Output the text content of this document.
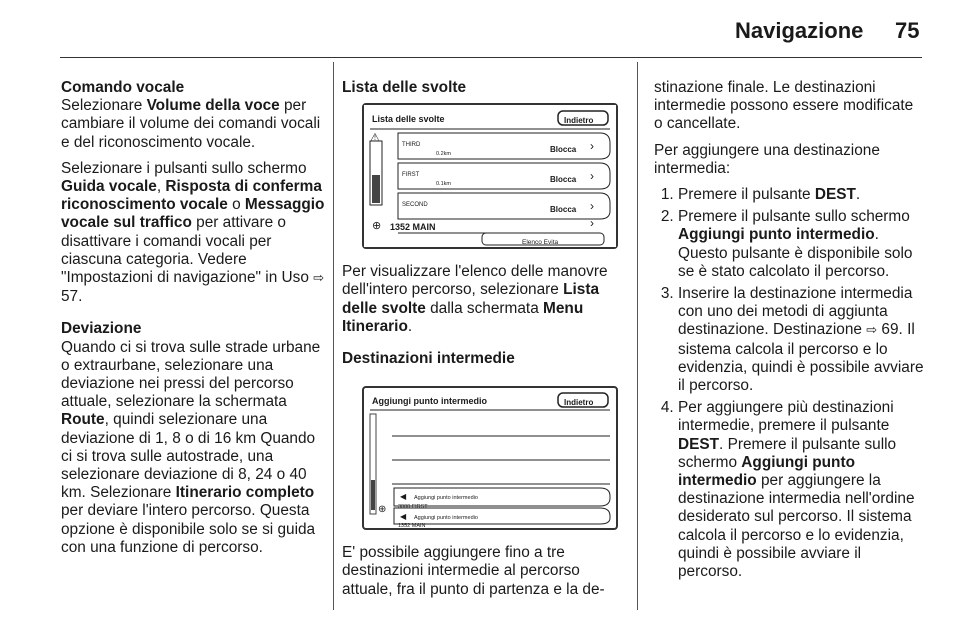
Navigazione 75
Comando vocale

Selezionare Volume della voce per cambiare il volume dei comandi vocali e del riconoscimento vocale.

Selezionare i pulsanti sullo schermo Guida vocale, Risposta di conferma riconoscimento vocale o Messaggio vocale sul traffico per attivare o disattivare i comandi vocali per ciascuna categoria. Vedere "Impostazioni di navigazione" in Uso ⇨ 57.

Deviazione

Quando ci si trova sulle strade urbane o extraurbane, selezionare una deviazione nei pressi del percorso attuale, selezionare la schermata Route, quindi selezionare una deviazione di 1, 8 o di 16 km Quando ci si trova sulle autostrade, una selezionare deviazione di 8, 24 o 40 km. Selezionare Itinerario completo per deviare l'intero percorso. Questa opzione è disponibile solo se si guida con una funzione di percorso.

Lista delle svolte
Lista delle svolte	Indietro
⚠
THIRD
0.2km	Blocca ›
FIRST
0.1km	Blocca ›
SECOND	Blocca ›
⊕ 1352 MAIN	›
Elenco Evita

Per visualizzare l'elenco delle manovre dell'intero percorso, selezionare Lista delle svolte dalla schermata Menu Itinerario.

Destinazioni intermedie
Aggiungi punto intermedio	Indietro
◀ Aggiungi punto intermedio
3000 FIRST
◀ Aggiungi punto intermedio
1352 MAIN
⊕

E' possibile aggiungere fino a tre destinazioni intermedie al percorso attuale, fra il punto di partenza e la de-

stinazione finale. Le destinazioni intermedie possono essere modificate o cancellate.

Per aggiungere una destinazione intermedia:

1. Premere il pulsante DEST.
2. Premere il pulsante sullo schermo Aggiungi punto intermedio. Questo pulsante è disponibile solo se è stato calcolato il percorso.
3. Inserire la destinazione intermedia con uno dei metodi di aggiunta destinazione. Destinazione ⇨ 69. Il sistema calcola il percorso e lo evidenzia, quindi è possibile avviare il percorso.
4. Per aggiungere più destinazioni intermedie, premere il pulsante DEST. Premere il pulsante sullo schermo Aggiungi punto intermedio per aggiungere la destinazione intermedia nell'ordine desiderato sul percorso. Il sistema calcola il percorso e lo evidenzia, quindi è possibile avviare il percorso.
